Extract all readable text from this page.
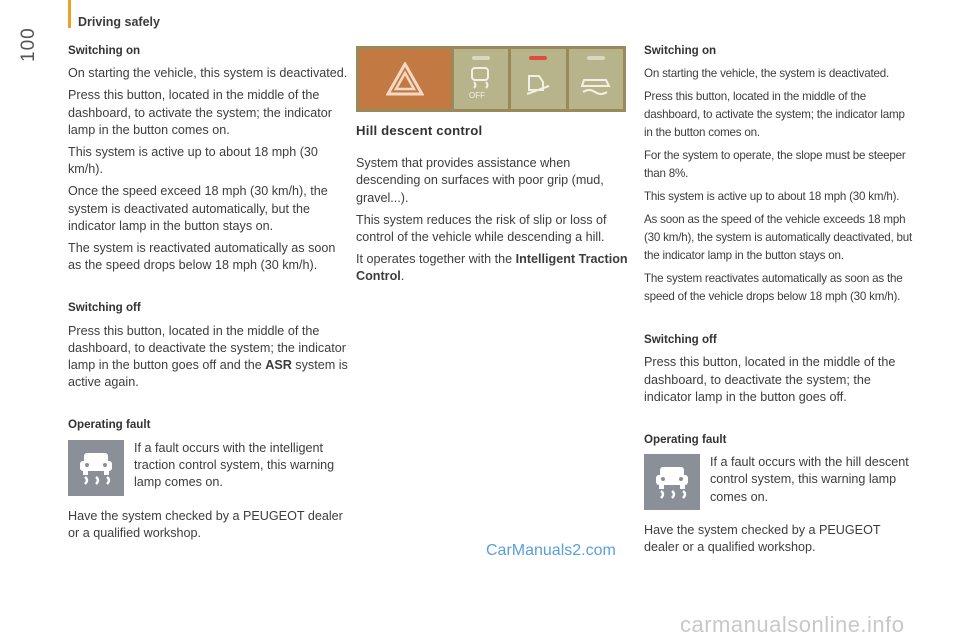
Driving safely
100	Switching on

On starting the vehicle, this system is deactivated.

Press this button, located in the middle of the dashboard, to activate the system; the indicator lamp in the button comes on.

This system is active up to about 18 mph (30 km/h).

Once the speed exceed 18 mph (30 km/h), the system is deactivated automatically, but the indicator lamp in the button stays on.

The system is reactivated automatically as soon as the speed drops below 18 mph (30 km/h).

Switching off

Press this button, located in the middle of the dashboard, to deactivate the system; the indicator lamp in the button goes off and the ASR system is active again.

Operating fault
If a fault occurs with the intelligent traction control system, this warning lamp comes on.

Have the system checked by a PEUGEOT dealer or a qualified workshop.

OFF
Hill descent control

System that provides assistance when descending on surfaces with poor grip (mud, gravel...).

This system reduces the risk of slip or loss of control of the vehicle while descending a hill.

It operates together with the Intelligent Traction Control.

Switching on

On starting the vehicle, the system is deactivated.

Press this button, located in the middle of the dashboard, to activate the system; the indicator lamp in the button comes on.

For the system to operate, the slope must be steeper than 8%.

This system is active up to about 18 mph (30 km/h).

As soon as the speed of the vehicle exceeds 18 mph (30 km/h), the system is automatically deactivated, but the indicator lamp in the button stays on.

The system reactivates automatically as soon as the speed of the vehicle drops below 18 mph (30 km/h).

Switching off

Press this button, located in the middle of the dashboard, to deactivate the system; the indicator lamp in the button goes off.

Operating fault
If a fault occurs with the hill descent control system, this warning lamp comes on.

Have the system checked by a PEUGEOT dealer or a qualified workshop.

CarManuals2.com
carmanualsonline.info
